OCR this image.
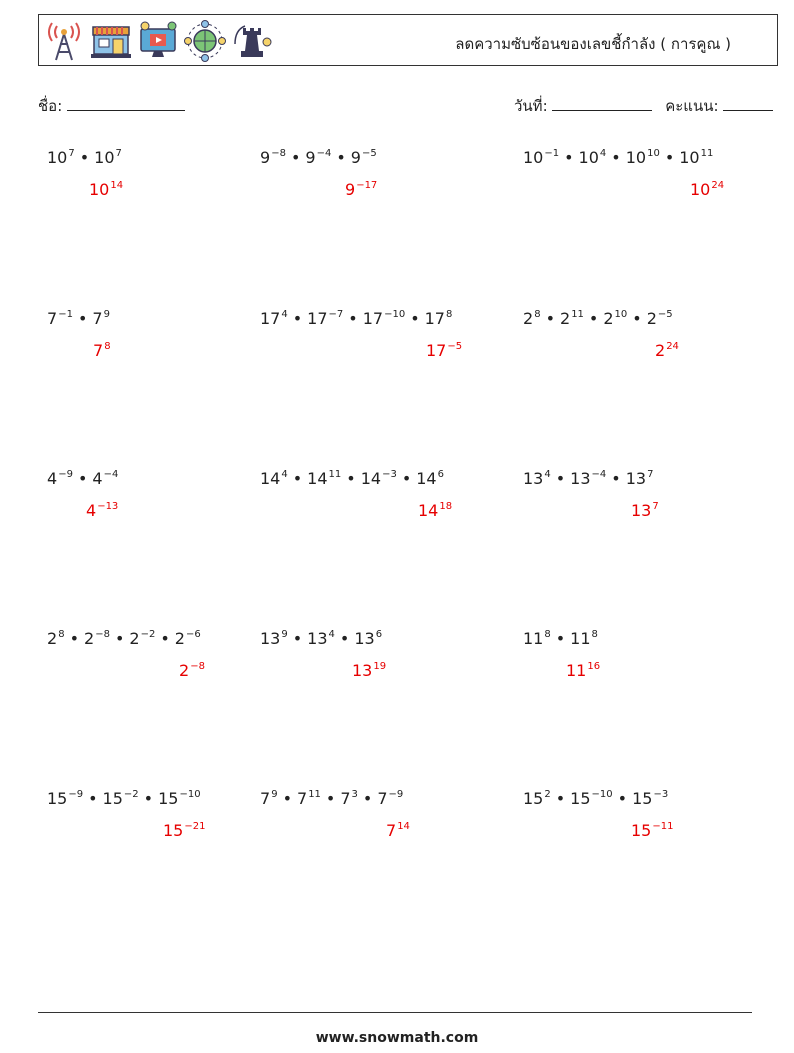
ลดความซับซ้อนของเลขชี้กำลัง ( การคูณ )
ชื่อ:	วันที่:	คะแนน:
$10^7$ • $10^7$
$10^{14}$
$9^{-8}$ • $9^{-4}$ • $9^{-5}$
$9^{-17}$
$10^{-1}$ • $10^4$ • $10^{10}$ • $10^{11}$
$10^{24}$
$7^{-1}$ • $7^9$
$7^8$
$17^4$ • $17^{-7}$ • $17^{-10}$ • $17^8$
$17^{-5}$
$2^8$ • $2^{11}$ • $2^{10}$ • $2^{-5}$
$2^{24}$
$4^{-9}$ • $4^{-4}$
$4^{-13}$
$14^4$ • $14^{11}$ • $14^{-3}$ • $14^6$
$14^{18}$
$13^4$ • $13^{-4}$ • $13^7$
$13^7$
$2^8$ • $2^{-8}$ • $2^{-2}$ • $2^{-6}$
$2^{-8}$
$13^9$ • $13^4$ • $13^6$
$13^{19}$
$11^8$ • $11^8$
$11^{16}$
$15^{-9}$ • $15^{-2}$ • $15^{-10}$
$15^{-21}$
$7^9$ • $7^{11}$ • $7^3$ • $7^{-9}$
$7^{14}$
$15^2$ • $15^{-10}$ • $15^{-3}$
$15^{-11}$
www.snowmath.com
